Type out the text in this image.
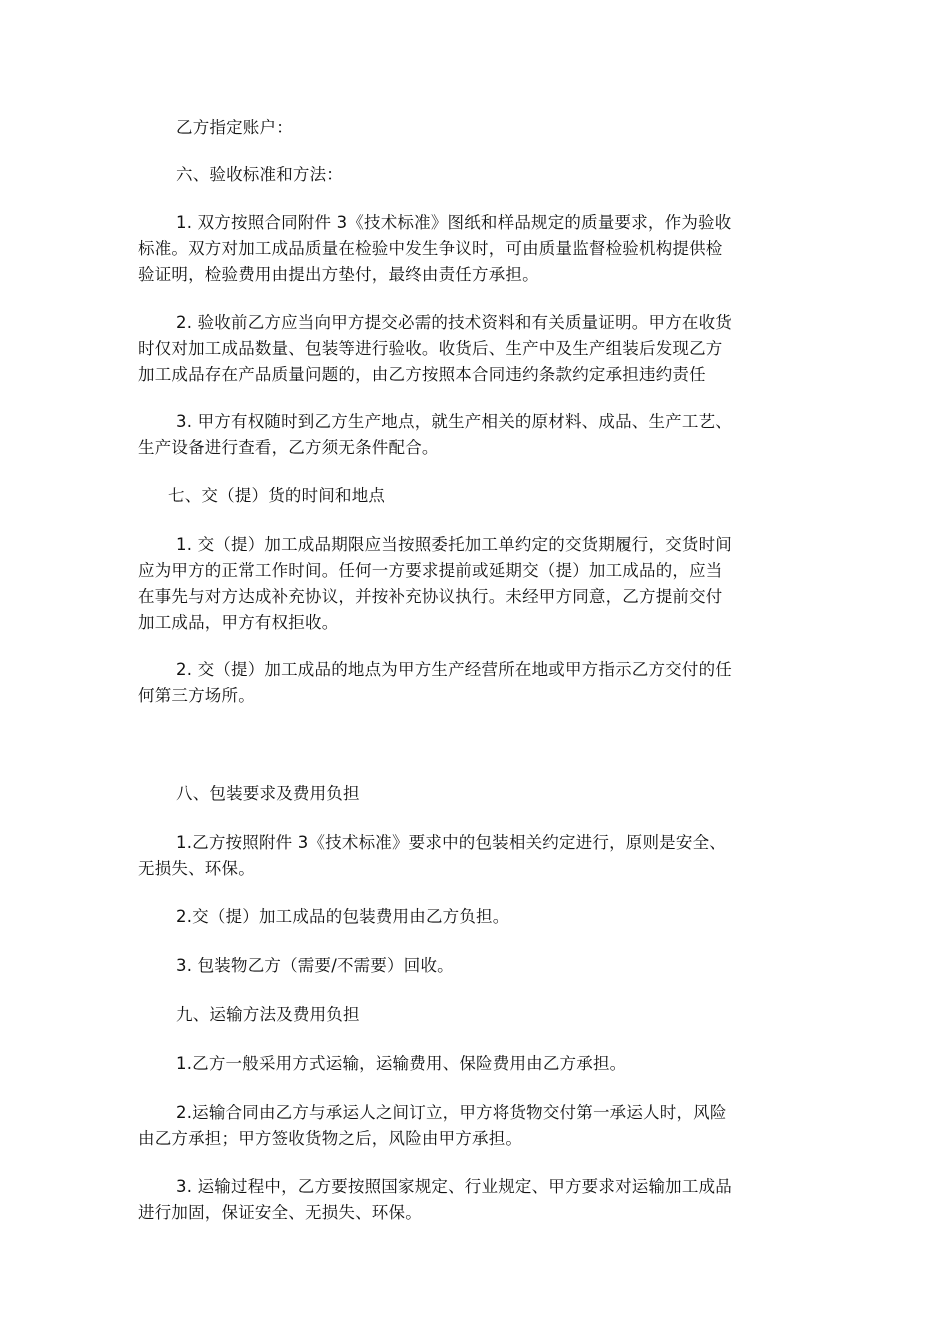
乙方指定账户：
六、验收标准和方法：
1. 双方按照合同附件 3《技术标准》图纸和样品规定的质量要求，作为验收
标准。双方对加工成品质量在检验中发生争议时，可由质量监督检验机构提供检
验证明，检验费用由提出方垫付，最终由责任方承担。
2. 验收前乙方应当向甲方提交必需的技术资料和有关质量证明。甲方在收货
时仅对加工成品数量、包装等进行验收。收货后、生产中及生产组装后发现乙方
加工成品存在产品质量问题的，由乙方按照本合同违约条款约定承担违约责任
3. 甲方有权随时到乙方生产地点，就生产相关的原材料、成品、生产工艺、
生产设备进行查看，乙方须无条件配合。
七、交（提）货的时间和地点
1. 交（提）加工成品期限应当按照委托加工单约定的交货期履行，交货时间
应为甲方的正常工作时间。任何一方要求提前或延期交（提）加工成品的，应当
在事先与对方达成补充协议，并按补充协议执行。未经甲方同意，乙方提前交付
加工成品，甲方有权拒收。
2. 交（提）加工成品的地点为甲方生产经营所在地或甲方指示乙方交付的任
何第三方场所。
八、包装要求及费用负担
1.乙方按照附件 3《技术标准》要求中的包装相关约定进行，原则是安全、
无损失、环保。
2.交（提）加工成品的包装费用由乙方负担。
3. 包装物乙方（需要/不需要）回收。
九、运输方法及费用负担
1.乙方一般采用方式运输，运输费用、保险费用由乙方承担。
2.运输合同由乙方与承运人之间订立，甲方将货物交付第一承运人时，风险
由乙方承担；甲方签收货物之后，风险由甲方承担。
3. 运输过程中，乙方要按照国家规定、行业规定、甲方要求对运输加工成品
进行加固，保证安全、无损失、环保。
